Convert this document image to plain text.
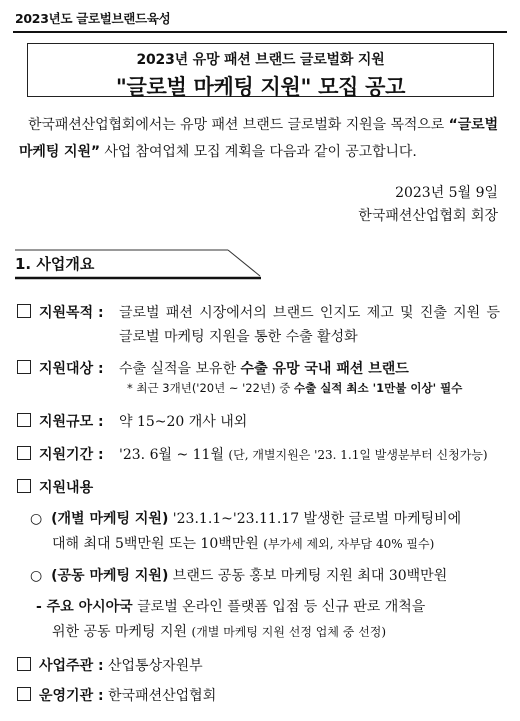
2023년도 글로벌브랜드육성
2023년 유망 패션 브랜드 글로벌화 지원
"글로벌 마케팅 지원" 모집 공고
한국패션산업협회에서는 유망 패션 브랜드 글로벌화 지원을 목적으로 “글로벌 마케팅 지원” 사업 참여업체 모집 계획을 다음과 같이 공고합니다.
2023년 5월 9일
한국패션산업협회 회장
1. 사업개요
지원목적 : 글로벌 패션 시장에서의 브랜드 인지도 제고 및 진출 지원 등 글로벌 마케팅 지원을 통한 수출 활성화
지원대상 : 수출 실적을 보유한 수출 유망 국내 패션 브랜드
* 최근 3개년('20년 ~ '22년) 중 수출 실적 최소 '1만불 이상' 필수
지원규모 : 약 15~20 개사 내외
지원기간 : '23. 6월 ~ 11월 (단, 개별지원은 '23. 1.1일 발생분부터 신청가능)
지원내용
○ (개별 마케팅 지원) '23.1.1~'23.11.17 발생한 글로벌 마케팅비에
대해 최대 5백만원 또는 10백만원 (부가세 제외, 자부담 40% 필수)
○ (공동 마케팅 지원) 브랜드 공동 홍보 마케팅 지원 최대 30백만원
- 주요 아시아국 글로벌 온라인 플랫폼 입점 등 신규 판로 개척을
위한 공동 마케팅 지원 (개별 마케팅 지원 선정 업체 중 선정)
사업주관 : 산업통상자원부
운영기관 : 한국패션산업협회
